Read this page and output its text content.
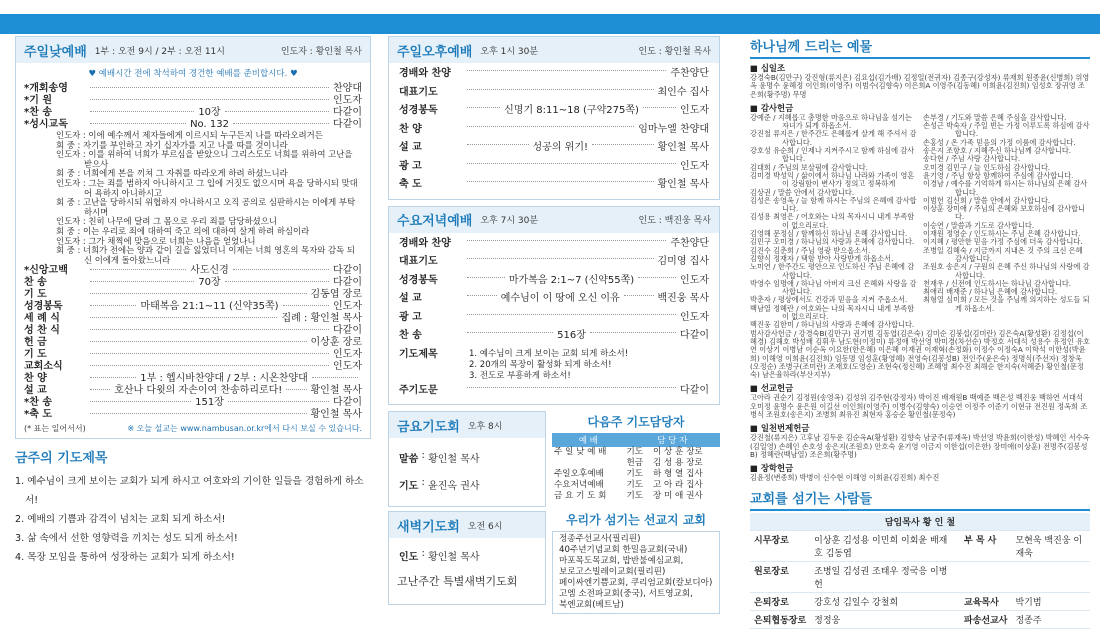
주일낮예배 1부 : 오전 9시 / 2부 : 오전 11시	인도자 : 황인철 목사
♥ 예배시간 전에 착석하여 경건한 예배를 준비합시다. ♥
*개회송영	찬양대
*기 원	인도자
*찬 송	10장	다같이
*성시교독	No. 132	다같이
인도자 : 이에 예수께서 제자들에게 이르시되 누구든지 나를 따라오려거든
회 중 : 자기를 부인하고 자기 십자가를 지고 나를 따를 것이니라
인도자 : 이를 위하여 너희가 부르심을 받았으니 그리스도도 너희를 위하여 고난을 받으사
회 중 : 너희에게 본을 끼쳐 그 자취를 따라오게 하려 하셨느니라
인도자 : 그는 죄를 범하지 아니하시고 그 입에 거짓도 없으시며 욕을 당하시되 맞대어 욕하지 아니하시고
회 중 : 고난을 당하시되 위협하지 아니하시고 오직 공의로 심판하시는 이에게 부탁하시며
인도자 : 친히 나무에 달려 그 몸으로 우리 죄를 담당하셨으니
회 중 : 이는 우리로 죄에 대하여 죽고 의에 대하여 살게 하려 하심이라
인도자 : 그가 채찍에 맞음으로 너희는 나음을 얻었나니
회 중 : 너희가 전에는 양과 같이 길을 잃었더니 이제는 너희 영혼의 목자와 감독 되신 이에게 돌아왔느니라
*신앙고백	사도신경	다같이
찬 송	70장	다같이
기 도	김동엽 장로
성경봉독	마태복음 21:1~11 (신약35쪽)	인도자
세 례 식	집례 : 황인철 목사
성 찬 식	다같이
헌 금	이상훈 장로
기 도	인도자
교회소식	인도자
찬 양	1부 : 헵시바찬양대 / 2부 : 시온찬양대
설 교	호산나 다윗의 자손이여 찬송하리로다!	황인철 목사
*찬 송	151장	다같이
*축 도	황인철 목사
(* 표는 일어서서)	※ 오늘 설교는 www.nambusan.or.kr에서 다시 보실 수 있습니다.
금주의 기도제목
1. 예수님이 크게 보이는 교회가 되게 하시고 여호와의 기이한 일들을 경험하게 하소서!
2. 예배의 기쁨과 감격이 넘치는 교회 되게 하소서!
3. 삶 속에서 선한 영향력을 끼치는 성도 되게 하소서!
4. 목장 모임을 통하여 성장하는 교회가 되게 하소서!
주일오후예배 오후 1시 30분	인도 : 황인철 목사
경배와 찬양	주찬양단
대표기도	최인수 집사
성경봉독	신명기 8:11~18 (구약275쪽)	인도자
찬 양	임마누엘 찬양대
설 교	성공의 위기!	황인철 목사
광 고	인도자
축 도	황인철 목사
수요저녁예배 오후 7시 30분	인도 : 백진웅 목사
경배와 찬양	주찬양단
대표기도	김미영 집사
성경봉독	마가복음 2:1~7 (신약55쪽)	인도자
설 교	예수님이 이 땅에 오신 이유	백진웅 목사
광 고	인도자
찬 송	516장	다같이
기도제목	1. 예수님이 크게 보이는 교회 되게 하소서!
2. 20개의 목장이 활성화 되게 하소서!
3. 전도로 부흥하게 하소서!
주기도문	다같이
금요기도회 오후 8시
말씀 : 황인철 목사
기도 : 윤진옥 권사
다음주 기도담당자
예 배	담 당 자	
주 일 낮 예 배	기도	이 상 훈 장로
	헌금	김 성 용 장로
주일오후예배	기도	하 형 열 집사
수요저녁예배	기도	고 아 라 집사
금 요 기 도 회	기도	장 미 애 권사
새벽기도회 오전 6시
인도 : 황인철 목사
고난주간 특별새벽기도회
우리가 섬기는 선교지 교회
정종주선교사(필리핀)
40주년기념교회 한밀음교회(국내)
마포목도목교회, 밥반불예심교회,
보로고스빌레이교회(필리핀)
페이싸엔기쁨교회, 쿠리엄교회(칼보디아)
고엠 소전파교회(중국), 서트영교회,
북엔교회(베트남)
하나님께 드리는 예물
■ 십일조
강경숙B(김만구) 강진형(류지은) 김요섭(김가배) 김정일(전귀자) 김종구(강성자) 류재희 원종윤(신병희) 위영옥 윤명수 윤혜정 이인희(이영주) 이범수(김향숙) 이은희A 이영주(김동혜) 이희윤(김진희) 임성호 장귀영 조은희(황주명) 무명
■ 감사헌금
강예준 / 지혜롭고 총명한 마음으로 하나님을 섬기는 자녀가 되게 하옵소서.
강진철 류지은 / 한주간도 은혜롭게 살게 해 주셔서 감사합니다.
강호성 유순희 / 인제나 지켜주시고 함께 하심에 감사합니다.
김대희 / 주님의 보살핌에 감사합니다.
김미경 박성익 / 삶이에서 하나님 나라와 가족이 영혼이 강림함이 변사가 정의고 정복하게
김상권 / 말씀 안에서 감사합니다.
김성은 송영옥 / 늘 함께 하시는 주님의 은혜에 감사합니다.
김성용 최영은 / 어호와는 나의 목자시니 내게 부족함이 없으리로다.
김영해 문정심 / 함께하신 하나님 은혜 감사합니다.
김민구 오미경 / 하나님의 사랑과 은혜에 감사합니다.
김진수 김춘희 / 주님 영광 받으옵소서.
김향식 정재자 / 택함 받아 사랑받게 하옵소서.
노미연 / 한주간도 평안으로 인도하신 주님 은혜에 감사합니다.
박영수 임명애 / 하나님 아버지 크신 은혜와 사랑을 감사합니다.
박춘자 / 평상에서도 건강과 믿음을 지켜 주옵소서.
백남열 정혜란 / 여호와는 나의 목자시니 내게 부족함이 없으리로다.
백진웅 김한미 / 하나님의 사랑과 은혜에 감사합니다.
손부경 / 기도와 말씀 은혜 주심을 감사합니다.
손성근 박숙자 / 주일 빈는 가정 이루도록 하심에 감사합니다.
손홍성 / 온 가족 믿음의 가정 이룸에 감사합니다.
송은지 조항호 / 지혜주신 하나님께 감사합니다.
송다현 / 주님 사랑 감사합니다.
오미경 김민구 / 늘 인도하심 감사합니다.
윤기영 / 주님 항상 함께하여 주심에 감사합니다.
이경남 / 예수를 기억하게 하시는 하나님의 은혜 감사합니다.
이범헌 김신희 / 말씀 안에서 감사합니다.
이상훈 장미애 / 주님의 은혜와 보호하심에 감사합니다.
이승연 / 말씀과 기도로 감사합니다.
이재원 정영순 / 인도하시는 주님 은혜 감사합니다.
이지혜 / 평안한 믿음 가정 주심에 더욱 감사합니다.
조병일 김혜숙 / 지금까지 지내온 것 주의 크신 은혜 감사합니다.
조원호 송은지 / 구원의 은혜 주신 하나님의 사랑에 감사합니다.
천재우 / 신전에 인도하시는 하나님 감사합니다.
최애리 배재준 / 하나님 은혜에 감사합니다.
최형열 심미희 / 모든 것을 주님께 의지하는 성도들 되게 하옵소서.
범사감사헌금 / 강경숙B(김만구) 권기범 김동엽(김은숙) 김미순 김붕섭(김미란) 김은숙A(황성환) 김정섭(이혜경) 김해호 박성배 김휘우 남도현(이정미) 류정애 박선영 박미경(차선순) 박정호 서대석 성용수 유정인 유호연 이상기 이병남 이순옥 이요한(한은혜) 이은혜 이재권 이재혁(손정화) 이정수 이정숙A 이학석 이한성(박윤희) 이해영 이희윤(김진희) 임동명 임성훈(황영혜) 전영숙(김봉성B) 전인주(윤은숙) 정명식(주선자) 정창욱(오정순) 조병구(조미란) 조재호(도영순) 조현숙(정신혜) 조혜영 최수진 최해순 한지숙(서혜준) 황인철(문정숙) 남은율하라(부산지부)
■ 선교헌금
고아라 권순기 김정원(송영옥) 김성위 김주현(강정자) 박이진 배재원B 백예준 백은성 백진웅 백하연 서대석 오미정 윤명수 윤은원 이길선 이인희(이영주) 이병수(김향숙) 이승연 이정주 이준기 이현규 전진원 정옥희 조병식 조원호(송은지) 조병희 최유진 최현자 홍승순 황인철(문정숙)
■ 일천번제헌금
강진철(류지은) 고후남 김두운 김순옥A(황성환) 김향숙 남궁주(류재옥) 박선영 박윤희(이한성) 박혜인 서수옥(김일영) 손혜인 손호성 송은지(조원호) 안호숙 윤기영 이금지 이한섭(이은한) 장미애(이상훈) 전명주(김봉성B) 정혜란(백남열) 조은희(황주명)
■ 장학헌금
김윤정(변종희) 박병이 신수현 이해영 이희윤(김진희) 최수진
교회를 섬기는 사람들
담임목사 황 인 철			
시무장로	이상훈 김성용 이민희 이회윤 배재호 김동엽	부 목 사	모현욱 백진웅 이재욱
원로장로	조병일 김성권 조태우 정국응 이병헌		
은퇴장로	강호성 김일수 강철희	교육목사	박기범
은퇴협동장로	정정웅	파송선교사	정종주
